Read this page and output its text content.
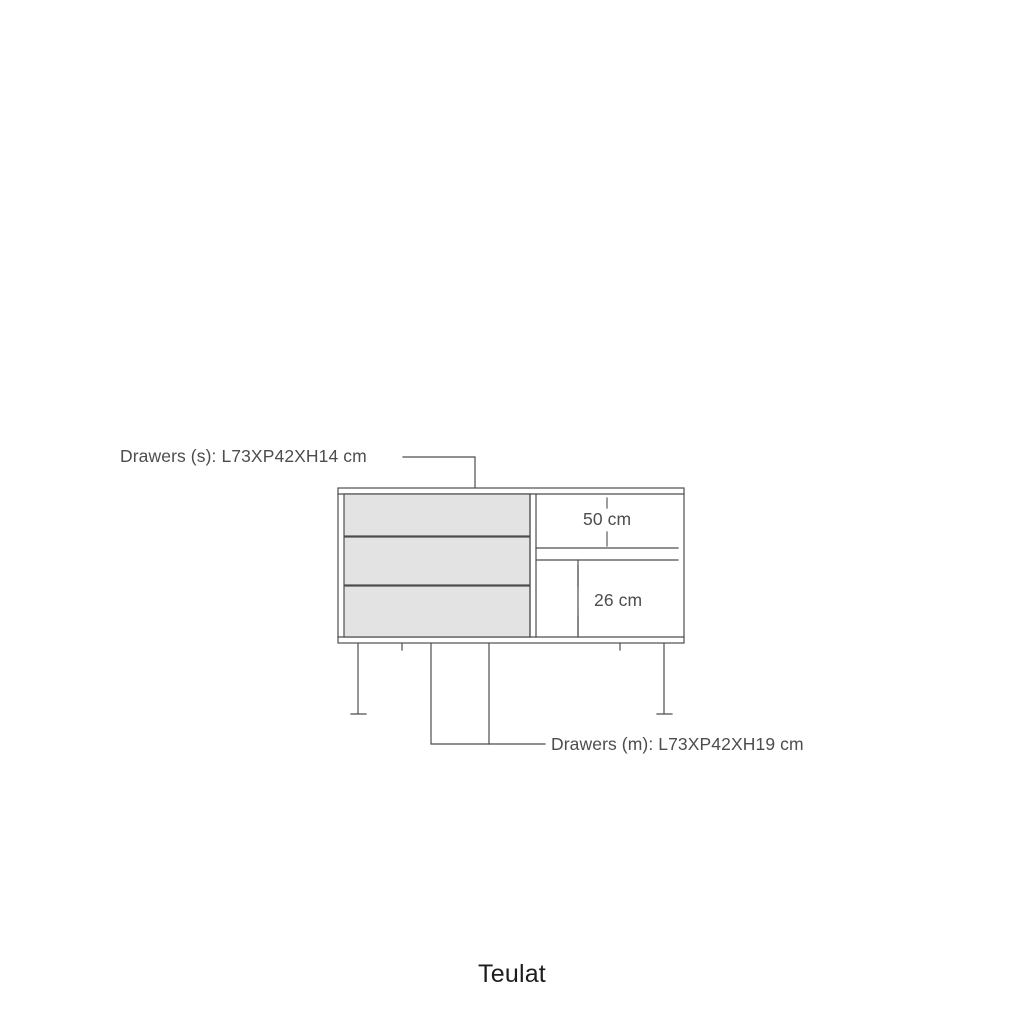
Drawers (s): L73XP42XH14 cm
Drawers (m): L73XP42XH19 cm
50 cm
26 cm
Teulat
